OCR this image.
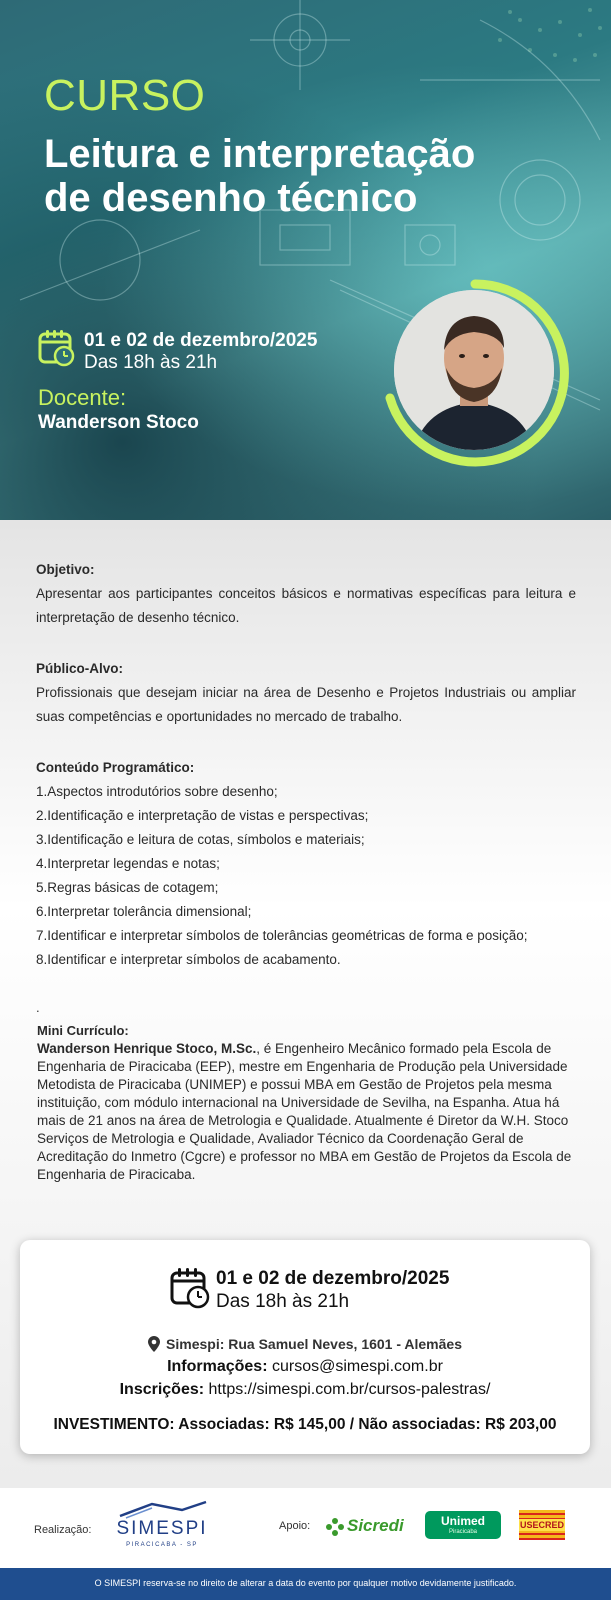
CURSO
Leitura e interpretação
de desenho técnico
01 e 02 de dezembro/2025
Das 18h às 21h
Docente:
Wanderson Stoco
Objetivo:
Apresentar aos participantes conceitos básicos e normativas específicas para leitura e interpretação de desenho técnico.
Público-Alvo:
Profissionais que desejam iniciar na área de Desenho e Projetos Industriais ou ampliar suas competências e oportunidades no mercado de trabalho.
Conteúdo Programático:
1.Aspectos introdutórios sobre desenho;
2.Identificação e interpretação de vistas e perspectivas;
3.Identificação e leitura de cotas, símbolos e materiais;
4.Interpretar legendas e notas;
5.Regras básicas de cotagem;
6.Interpretar tolerância dimensional;
7.Identificar e interpretar símbolos de tolerâncias geométricas de forma e posição;
8.Identificar e interpretar símbolos de acabamento.
.
Mini Currículo:
Wanderson Henrique Stoco, M.Sc., é Engenheiro Mecânico formado pela Escola de Engenharia de Piracicaba (EEP), mestre em Engenharia de Produção pela Universidade Metodista de Piracicaba (UNIMEP) e possui MBA em Gestão de Projetos pela mesma instituição, com módulo internacional na Universidade de Sevilha, na Espanha. Atua há mais de 21 anos na área de Metrologia e Qualidade. Atualmente é Diretor da W.H. Stoco Serviços de Metrologia e Qualidade, Avaliador Técnico da Coordenação Geral de Acreditação do Inmetro (Cgcre) e professor no MBA em Gestão de Projetos da Escola de Engenharia de Piracicaba.
01 e 02 de dezembro/2025
Das 18h às 21h
Simespi: Rua Samuel Neves, 1601 - Alemães
Informações: cursos@simespi.com.br
Inscrições: https://simespi.com.br/cursos-palestras/
INVESTIMENTO: Associadas: R$ 145,00 / Não associadas: R$ 203,00
Realização: SIMESPI
PIRACICABA - SP
Apoio: Sicredi	Unimed
Piracicaba
USECRED
O SIMESPI reserva-se no direito de alterar a data do evento por qualquer motivo devidamente justificado.
